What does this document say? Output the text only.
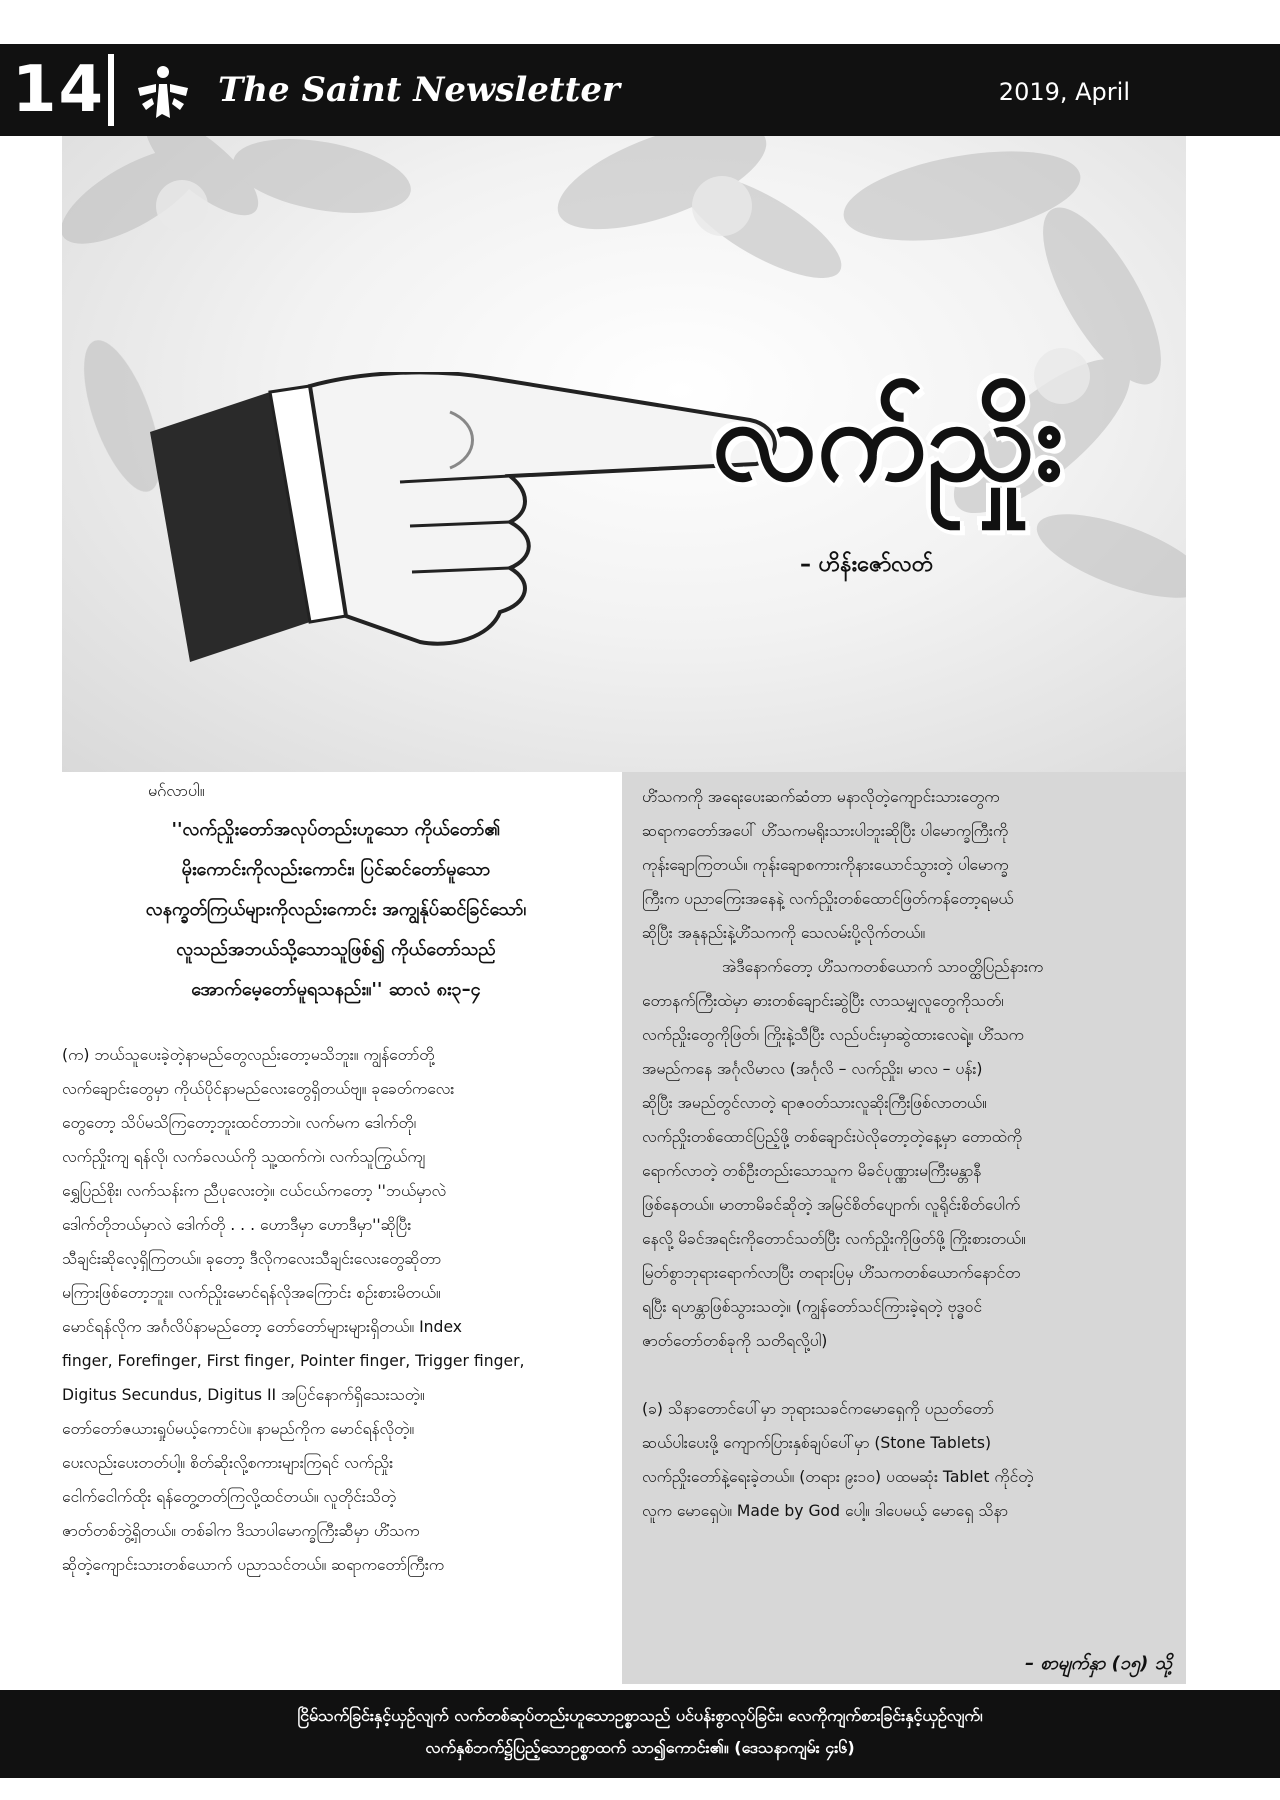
14	The Saint Newsletter	2019, April
လက်ညှိုး
– ဟိန်းဇော်လတ်
မဂ်လာပါ။
''လက်ညှိုးတော်အလုပ်တည်းဟူသော ကိုယ်တော်၏
မိုးကောင်းကိုလည်းကောင်း၊ ပြင်ဆင်တော်မူသော
လနက္ခတ်ကြယ်များကိုလည်းကောင်း အကျွန်ုပ်ဆင်ခြင်သော်၊
လူသည်အဘယ်သို့သောသူဖြစ်၍ ကိုယ်တော်သည်
အောက်မေ့တော်မူရသနည်း။'' ဆာလံ ၈း၃–၄
(က) ဘယ်သူပေးခဲ့တဲ့နာမည်တွေလည်းတော့မသိဘူး။ ကျွန်တော်တို့
လက်ချောင်းတွေမှာ ကိုယ်ပိုင်နာမည်လေးတွေရှိတယ်ဗျ။ ခုခေတ်ကလေး
တွေတော့ သိပ်မသိကြတော့ဘူးထင်တာဘဲ။ လက်မက ဒေါက်တို၊
လက်ညှိုးကျ ရန်လို၊ လက်ခလယ်ကို သူ့ထက်ကဲ၊ လက်သူကြွယ်ကျ
ရွှေပြည်စိုး၊ လက်သန်းက ညီပုလေးတဲ့။ ငယ်ငယ်ကတော့ ''ဘယ်မှာလဲ
ဒေါက်တိုဘယ်မှာလဲ ဒေါက်တို . . . ဟောဒီမှာ ဟောဒီမှာ''ဆိုပြီး
သီချင်းဆိုလေ့ရှိကြတယ်။ ခုတော့ ဒီလိုကလေးသီချင်းလေးတွေဆိုတာ
မကြားဖြစ်တော့ဘူး။ လက်ညှိုးမောင်ရန်လိုအကြောင်း စဉ်းစားမိတယ်။
မောင်ရန်လိုက အင်္ဂလိပ်နာမည်တော့ တော်တော်များများရှိတယ်။ Index
finger, Forefinger, First finger, Pointer finger, Trigger finger,
Digitus Secundus, Digitus II အပြင်နောက်ရှိသေးသတဲ့။
တော်တော်ဇယားရှုပ်မယ့်ကောင်ပဲ။ နာမည်ကိုက မောင်ရန်လိုတဲ့။
ပေးလည်းပေးတတ်ပါ့။ စိတ်ဆိုးလို့စကားများကြရင် လက်ညှိုး
ငေါက်ငေါက်ထိုး ရန်တွေ့တတ်ကြလို့ထင်တယ်။ လူတိုင်းသိတဲ့
ဇာတ်တစ်ဘွဲ့ရှိတယ်။ တစ်ခါက ဒိသာပါမောက္ခကြီးဆီမှာ ဟိံသက
ဆိုတဲ့ကျောင်းသားတစ်ယောက် ပညာသင်တယ်။ ဆရာကတော်ကြီးက
ဟိံသကကို အရေးပေးဆက်ဆံတာ မနာလိုတဲ့ကျောင်းသားတွေက
ဆရာကတော်အပေါ် ဟိံသကမရိုးသားပါဘူးဆိုပြီး ပါမောက္ခကြီးကို
ကုန်းချောကြတယ်။ ကုန်းချောစကားကိုနားယောင်သွားတဲ့ ပါမောက္ခ
ကြီးက ပညာကြေးအနေနဲ့ လက်ညှိုးတစ်ထောင်ဖြတ်ကန်တော့ရမယ်
ဆိုပြီး အနုနည်းနဲ့ဟိံသကကို သေလမ်းပို့လိုက်တယ်။
အဲဒီနောက်တော့ ဟိံသကတစ်ယောက် သာဝတ္ထိပြည်နားက
တောနက်ကြီးထဲမှာ ဓားတစ်ချောင်းဆွဲပြီး လာသမျှလူတွေကိုသတ်၊
လက်ညှိုးတွေကိုဖြတ်၊ ကြိုးနဲ့သီပြီး လည်ပင်းမှာဆွဲထားလေရဲ့။ ဟိံသက
အမည်ကနေ အင်္ဂုလိမာလ (အင်္ဂုလိ – လက်ညှိုး၊ မာလ – ပန်း)
ဆိုပြီး အမည်တွင်လာတဲ့ ရာဇဝတ်သားလူဆိုးကြီးဖြစ်လာတယ်။
လက်ညှိုးတစ်ထောင်ပြည့်ဖို့ တစ်ချောင်းပဲလိုတော့တဲ့နေ့မှာ တောထဲကို
ရောက်လာတဲ့ တစ်ဦးတည်းသောသူက မိခင်ပုဏ္ဏားမကြီးမန္တာနီ
ဖြစ်နေတယ်။ မာတာမိခင်ဆိုတဲ့ အမြင်စိတ်ပျောက်၊ လူရိုင်းစိတ်ပေါက်
နေလို့ မိခင်အရင်းကိုတောင်သတ်ပြီး လက်ညှိုးကိုဖြတ်ဖို့ ကြိုးစားတယ်။
မြတ်စွာဘုရားရောက်လာပြီး တရားပြမှ ဟိံသကတစ်ယောက်နောင်တ
ရပြီး ရဟန္တာဖြစ်သွားသတဲ့။ (ကျွန်တော်သင်ကြားခဲ့ရတဲ့ ဗုဒ္ဓဝင်
ဇာတ်တော်တစ်ခုကို သတိရလို့ပါ)
(ခ) သိနာတောင်ပေါ်မှာ ဘုရားသခင်ကမောရှေကို ပညတ်တော်
ဆယ်ပါးပေးဖို့ ကျောက်ပြားနှစ်ချပ်ပေါ်မှာ (Stone Tablets)
လက်ညှိုးတော်နဲ့ရေးခဲ့တယ်။ (တရား ၉း၁၀) ပထမဆုံး Tablet ကိုင်တဲ့
လူက မောရှေပဲ။ Made by God ပေါ့။ ဒါပေမယ့် မောရှေ သိနာ
– စာမျက်နှာ (၁၅) သို့
ငြိမ်သက်ခြင်းနှင့်ယှဉ်လျက် လက်တစ်ဆုပ်တည်းဟူသောဥစ္စာသည် ပင်ပန်းစွာလုပ်ခြင်း၊ လေကိုကျက်စားခြင်းနှင့်ယှဉ်လျက်၊
လက်နှစ်ဘက်၌ပြည့်သောဥစ္စာထက် သာ၍ကောင်း၏။ (ဒေသနာကျမ်း ၄း၆)
